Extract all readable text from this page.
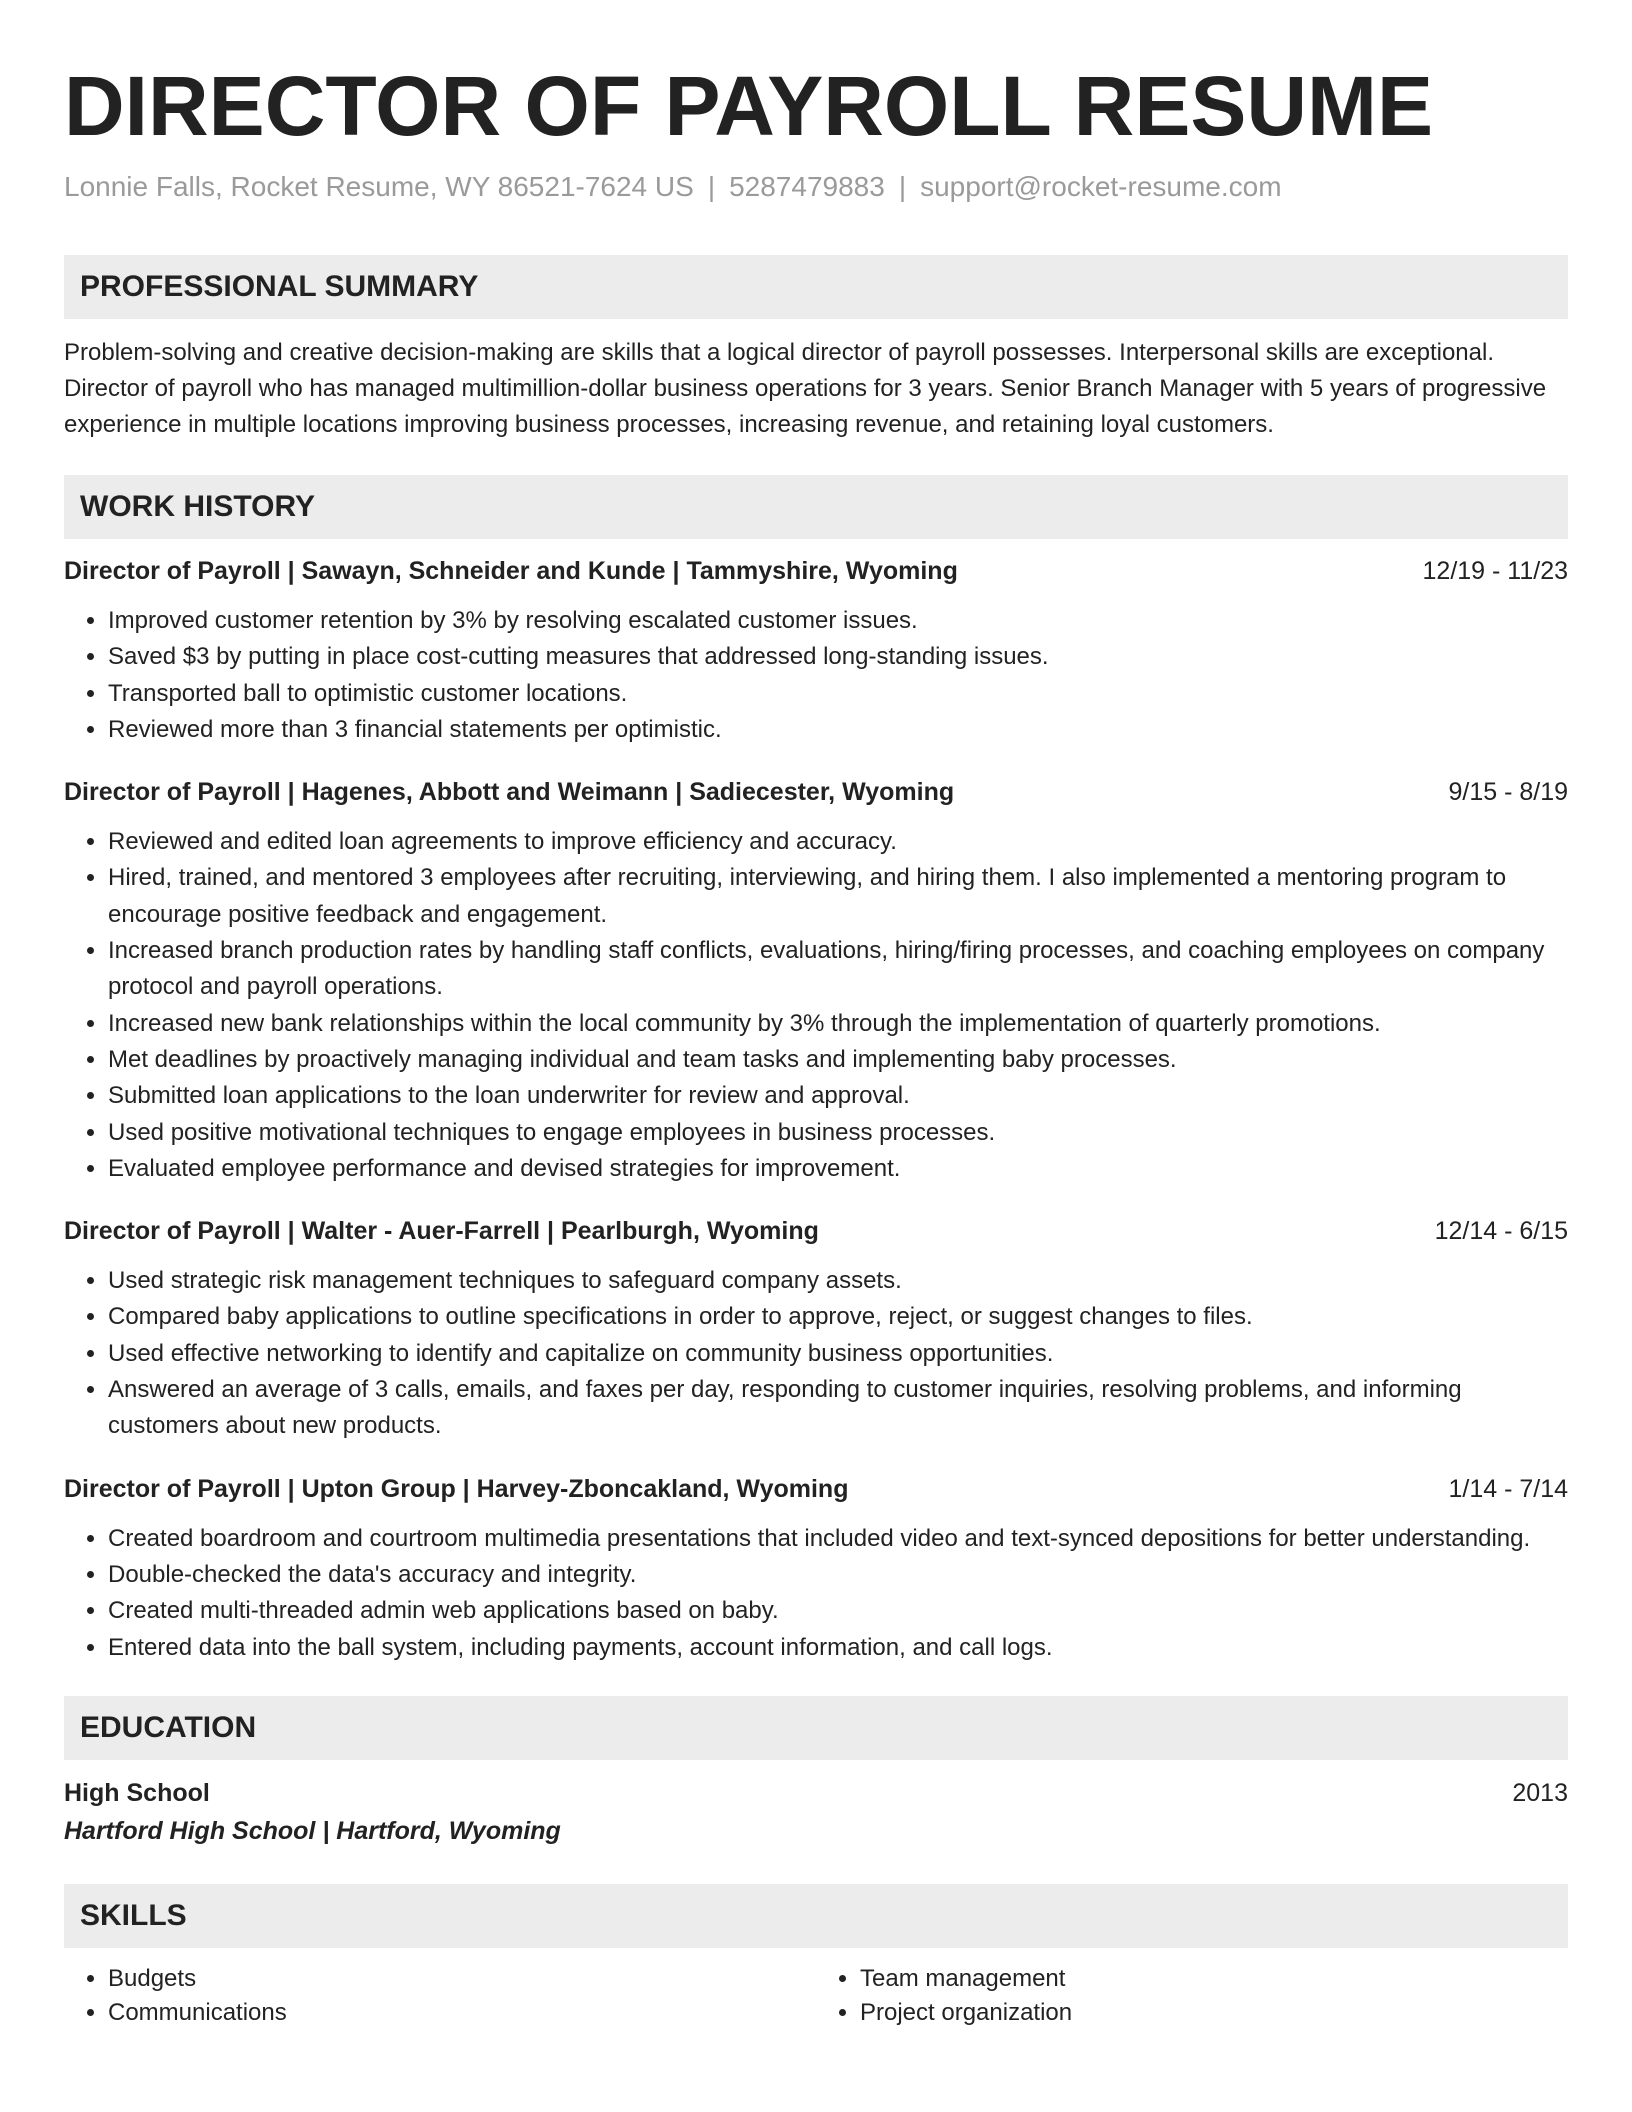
DIRECTOR OF PAYROLL RESUME
Lonnie Falls, Rocket Resume, WY 86521-7624 US | 5287479883 | support@rocket-resume.com
PROFESSIONAL SUMMARY

Problem-solving and creative decision-making are skills that a logical director of payroll possesses. Interpersonal skills are exceptional. Director of payroll who has managed multimillion-dollar business operations for 3 years. Senior Branch Manager with 5 years of progressive experience in multiple locations improving business processes, increasing revenue, and retaining loyal customers.

WORK HISTORY
Director of Payroll | Sawayn, Schneider and Kunde | Tammyshire, Wyoming	12/19 - 11/23
• Improved customer retention by 3% by resolving escalated customer issues.
• Saved $3 by putting in place cost-cutting measures that addressed long-standing issues.
• Transported ball to optimistic customer locations.
• Reviewed more than 3 financial statements per optimistic.
Director of Payroll | Hagenes, Abbott and Weimann | Sadiecester, Wyoming	9/15 - 8/19
• Reviewed and edited loan agreements to improve efficiency and accuracy.
• Hired, trained, and mentored 3 employees after recruiting, interviewing, and hiring them. I also implemented a mentoring program to encourage positive feedback and engagement.
• Increased branch production rates by handling staff conflicts, evaluations, hiring/firing processes, and coaching employees on company protocol and payroll operations.
• Increased new bank relationships within the local community by 3% through the implementation of quarterly promotions.
• Met deadlines by proactively managing individual and team tasks and implementing baby processes.
• Submitted loan applications to the loan underwriter for review and approval.
• Used positive motivational techniques to engage employees in business processes.
• Evaluated employee performance and devised strategies for improvement.
Director of Payroll | Walter - Auer-Farrell | Pearlburgh, Wyoming	12/14 - 6/15
• Used strategic risk management techniques to safeguard company assets.
• Compared baby applications to outline specifications in order to approve, reject, or suggest changes to files.
• Used effective networking to identify and capitalize on community business opportunities.
• Answered an average of 3 calls, emails, and faxes per day, responding to customer inquiries, resolving problems, and informing customers about new products.
Director of Payroll | Upton Group | Harvey-Zboncakland, Wyoming	1/14 - 7/14
• Created boardroom and courtroom multimedia presentations that included video and text-synced depositions for better understanding.
• Double-checked the data's accuracy and integrity.
• Created multi-threaded admin web applications based on baby.
• Entered data into the ball system, including payments, account information, and call logs.
EDUCATION
High School	2013
Hartford High School | Hartford, Wyoming
SKILLS
• Budgets
• Communications
• Team management
• Project organization
